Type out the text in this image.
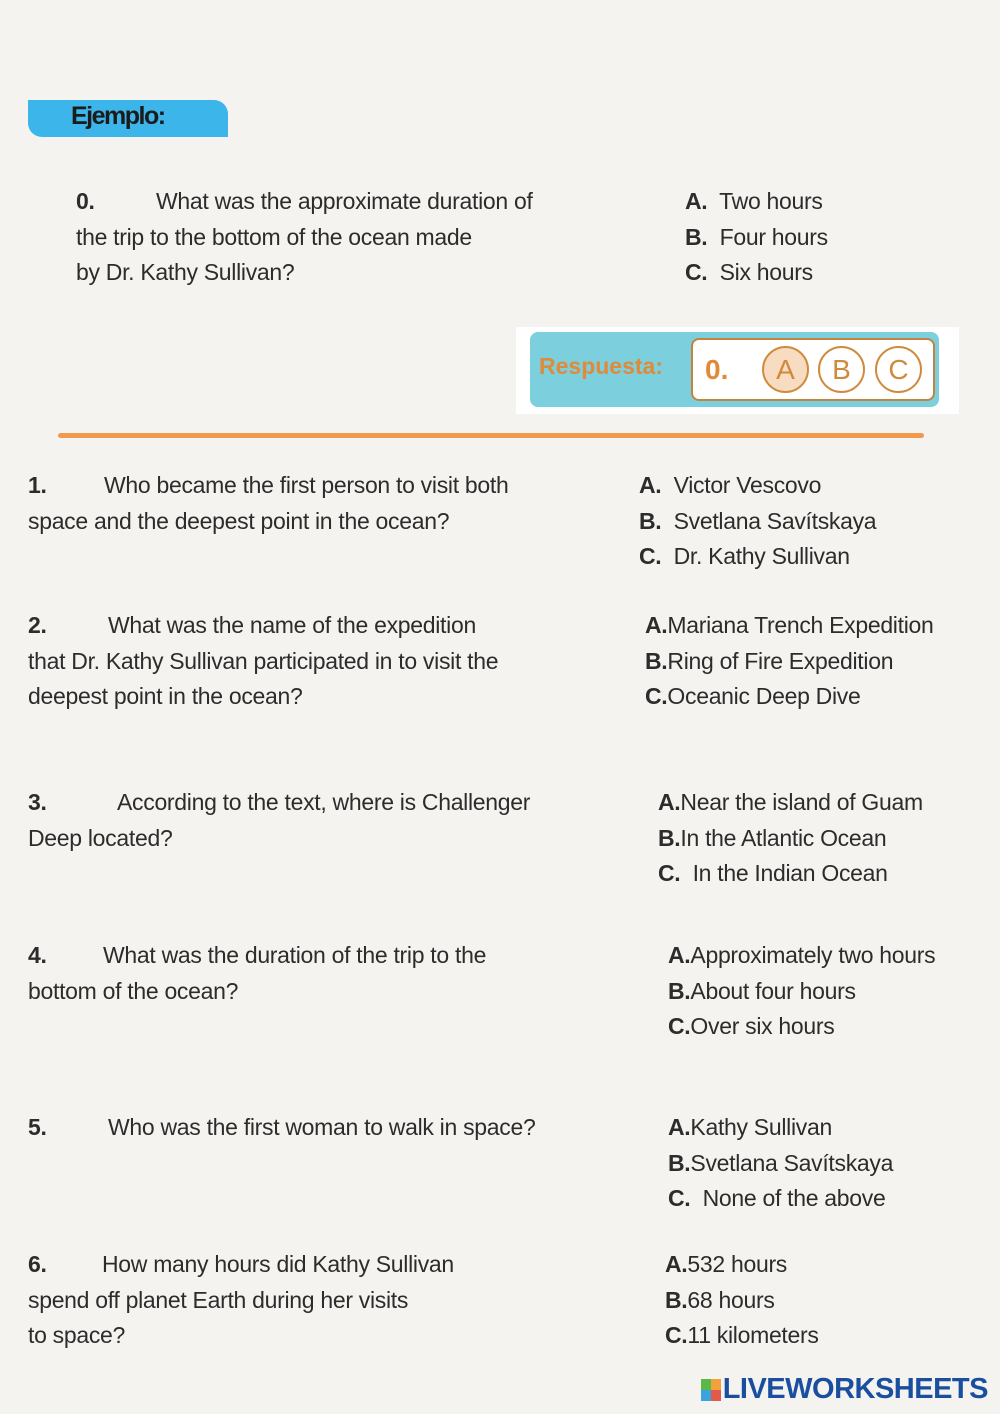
Ejemplo:
0.	What was the approximate duration of
the trip to the bottom of the ocean made
by Dr. Kathy Sullivan?
A. Two hours
B. Four hours
C. Six hours
Respuesta: 0.	A	B	C
1. Who became the first person to visit both
space and the deepest point in the ocean?
A. Victor Vescovo
B. Svetlana Savítskaya
C. Dr. Kathy Sullivan
2.	What was the name of the expedition
that Dr. Kathy Sullivan participated in to visit the
deepest point in the ocean?
A.Mariana Trench Expedition
B.Ring of Fire Expedition
C.Oceanic Deep Dive
3.	According to the text, where is Challenger
Deep located?
A.Near the island of Guam
B.In the Atlantic Ocean
C. In the Indian Ocean
4. What was the duration of the trip to the
bottom of the ocean?
A.Approximately two hours
B.About four hours
C.Over six hours
5.	Who was the first woman to walk in space?	A.Kathy Sullivan
B.Svetlana Savítskaya
C. None of the above
6. How many hours did Kathy Sullivan
spend off planet Earth during her visits
to space?
A.532 hours
B.68 hours
C.11 kilometers
LIVEWORKSHEETS
